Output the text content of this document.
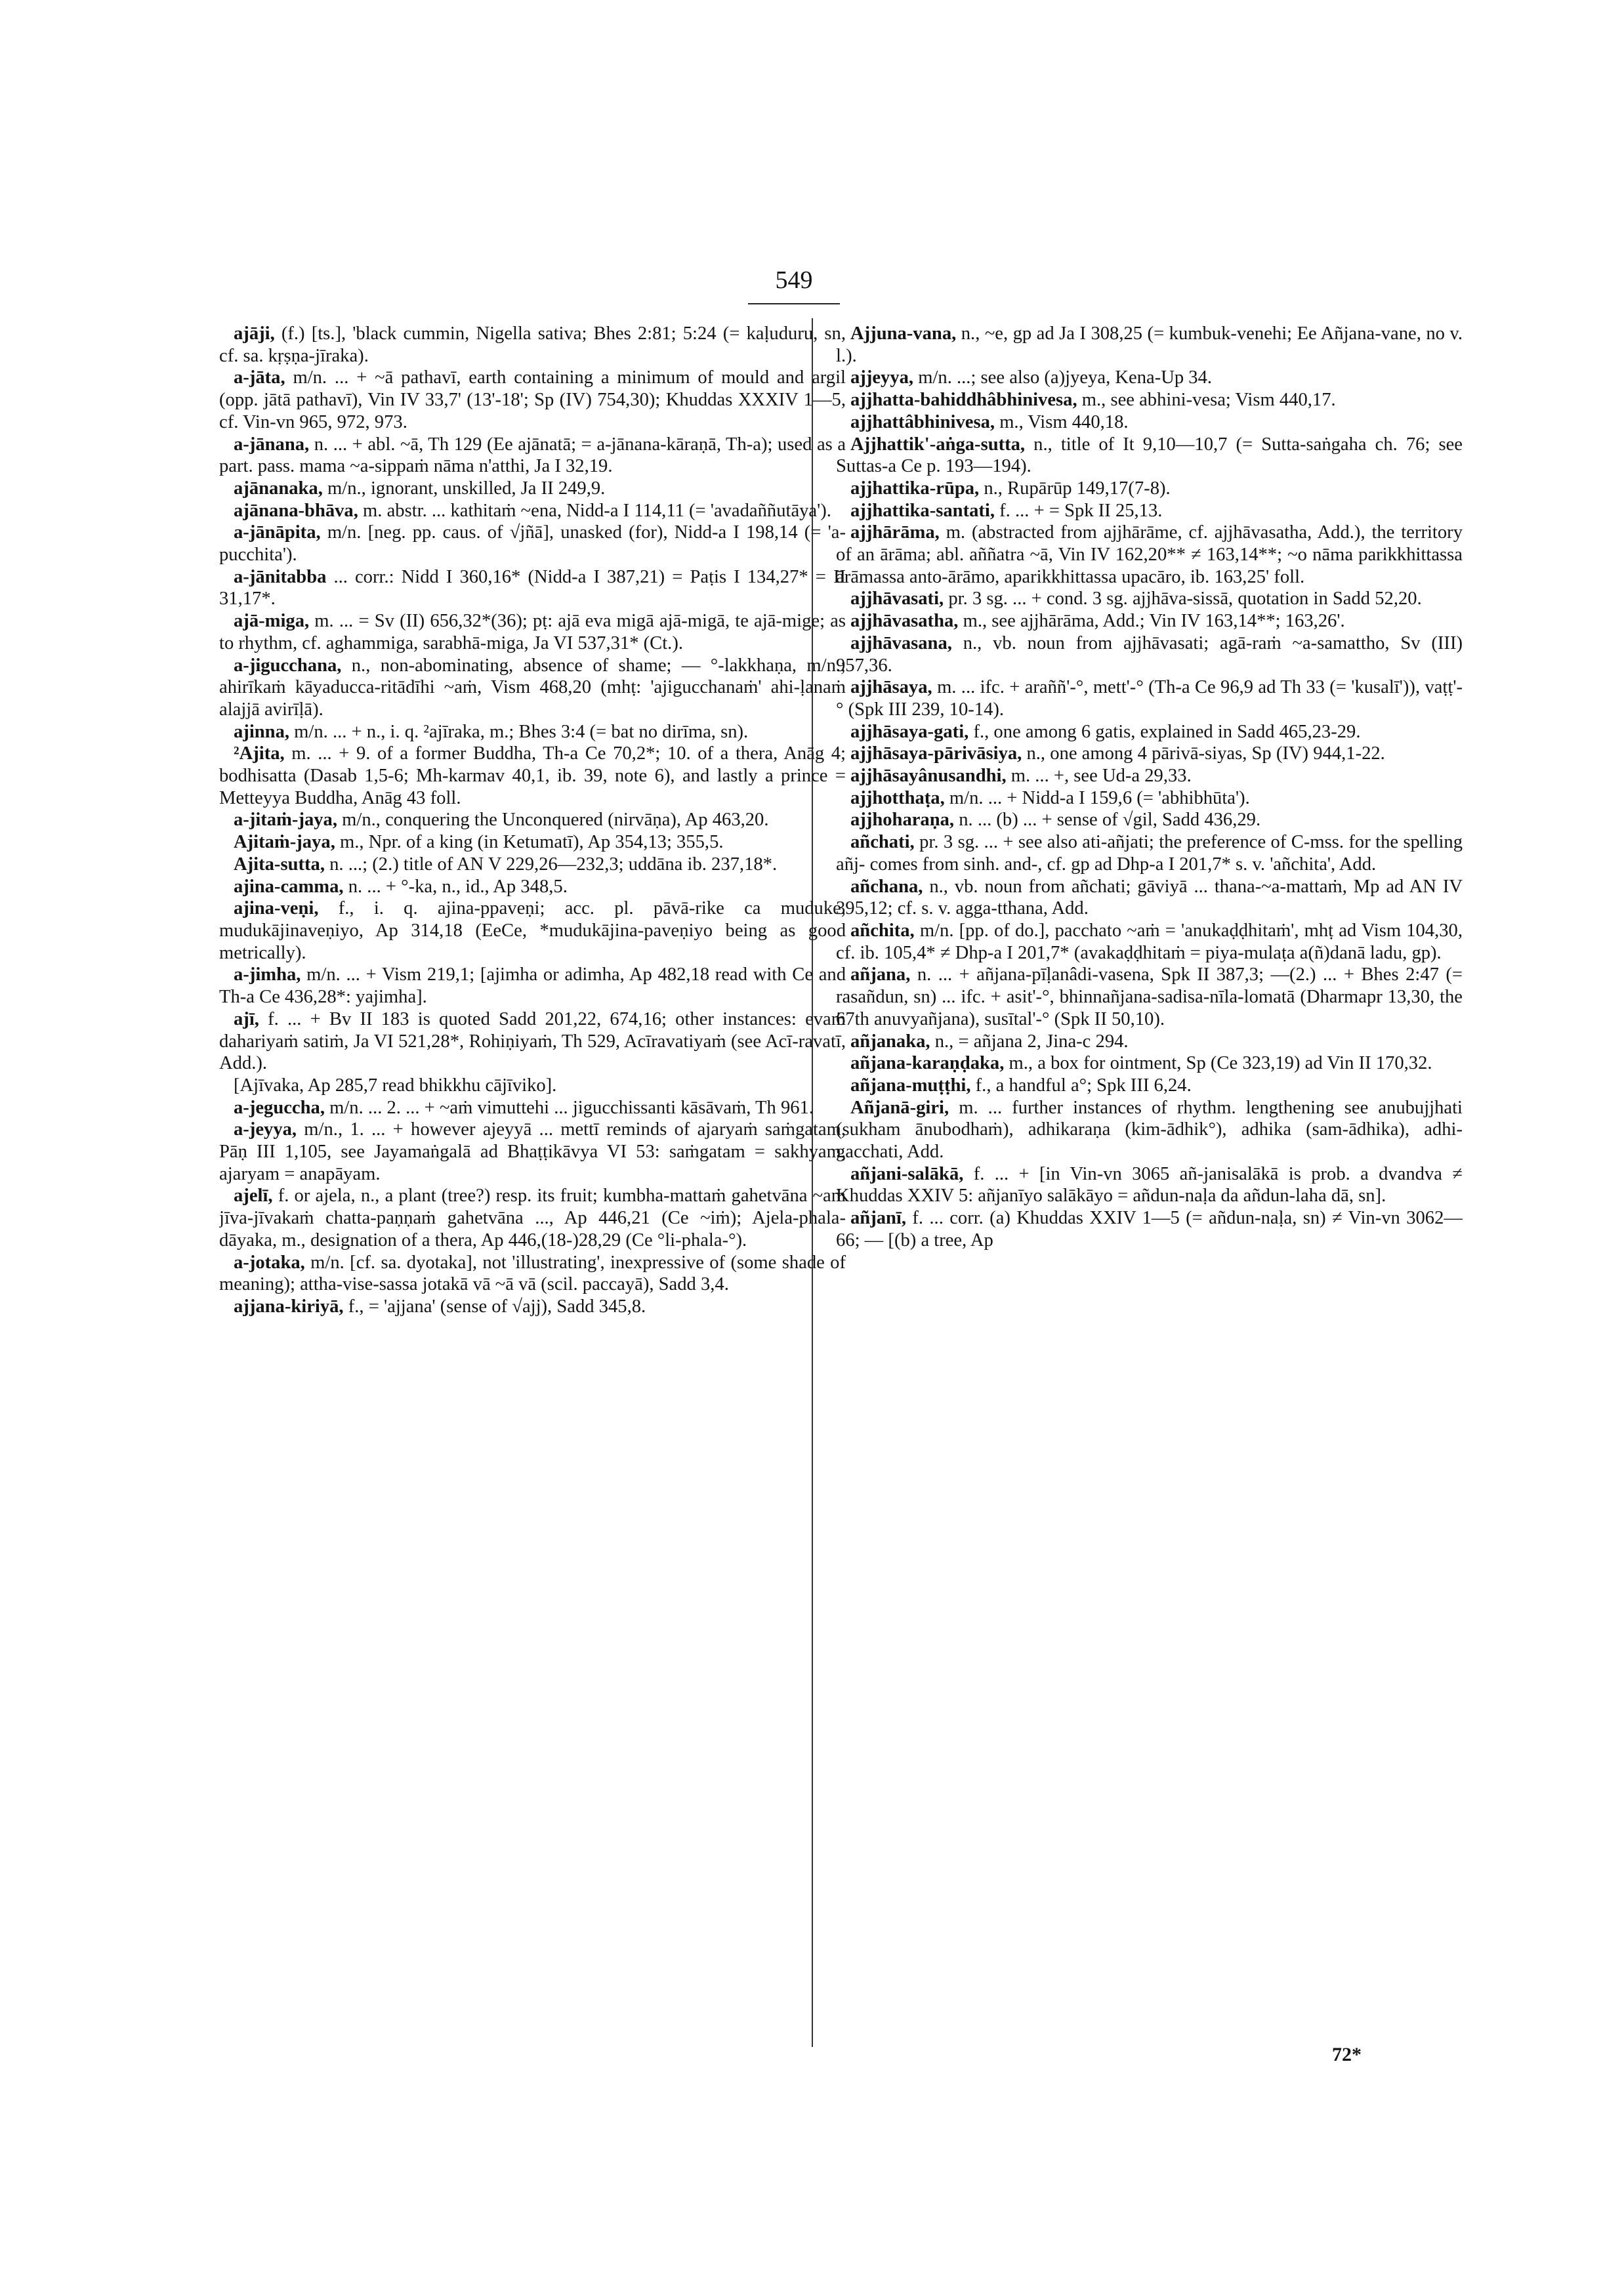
549

ajāji, (f.) [ts.], 'black cummin, Nigella sativa; Bhes 2:81; 5:24 (= kaḷuduru, sn, cf. sa. kṛṣṇa-jīraka).

a-jāta, m/n. ... + ~ā pathavī, earth containing a minimum of mould and argil (opp. jātā pathavī), Vin IV 33,7' (13'-18'; Sp (IV) 754,30); Khuddas XXXIV 1—5, cf. Vin-vn 965, 972, 973.

a-jānana, n. ... + abl. ~ā, Th 129 (Ee ajānatā; = a-jānana-kāraṇā, Th-a); used as a part. pass. mama ~a-sippaṁ nāma n'atthi, Ja I 32,19.

ajānanaka, m/n., ignorant, unskilled, Ja II 249,9.

ajānana-bhāva, m. abstr. ... kathitaṁ ~ena, Nidd-a I 114,11 (= 'avadaññutāya').

a-jānāpita, m/n. [neg. pp. caus. of √jñā], unasked (for), Nidd-a I 198,14 (= 'a-pucchita').

a-jānitabba ... corr.: Nidd I 360,16* (Nidd-a I 387,21) = Paṭis I 134,27* = II 31,17*.

ajā-miga, m. ... = Sv (II) 656,32*(36); pṭ: ajā eva migā ajā-migā, te ajā-mige; as to rhythm, cf. aghammiga, sarabhā-miga, Ja VI 537,31* (Ct.).

a-jigucchana, n., non-abominating, absence of shame; — °-lakkhaṇa, m/n.; ahirīkaṁ kāyaducca-ritādīhi ~aṁ, Vism 468,20 (mhṭ: 'ajigucchanaṁ' ahi-ḷanaṁ alajjā avirīḷā).

ajinna, m/n. ... + n., i. q. ²ajīraka, m.; Bhes 3:4 (= bat no dirīma, sn).

²Ajita, m. ... + 9. of a former Buddha, Th-a Ce 70,2*; 10. of a thera, Anāg 4; bodhisatta (Dasab 1,5-6; Mh-karmav 40,1, ib. 39, note 6), and lastly a prince = Metteyya Buddha, Anāg 43 foll.

a-jitaṁ-jaya, m/n., conquering the Unconquered (nirvāṇa), Ap 463,20.

Ajitaṁ-jaya, m., Npr. of a king (in Ketumatī), Ap 354,13; 355,5.

Ajita-sutta, n. ...; (2.) title of AN V 229,26—232,3; uddāna ib. 237,18*.

ajina-camma, n. ... + °-ka, n., id., Ap 348,5.

ajina-veṇi, f., i. q. ajina-ppaveṇi; acc. pl. pāvā-rike ca muduke, mudukājinaveṇiyo, Ap 314,18 (EeCe, *mudukājina-paveṇiyo being as good metrically).

a-jimha, m/n. ... + Vism 219,1; [ajimha or adimha, Ap 482,18 read with Ce and Th-a Ce 436,28*: yajimha].

ajī, f. ... + Bv II 183 is quoted Sadd 201,22, 674,16; other instances: evaṁ dahariyaṁ satiṁ, Ja VI 521,28*, Rohiṇiyaṁ, Th 529, Acīravatiyaṁ (see Acī-ravatī, Add.).

[Ajīvaka, Ap 285,7 read bhikkhu cājīviko].

a-jeguccha, m/n. ... 2. ... + ~aṁ vimuttehi ... jigucchissanti kāsāvaṁ, Th 961.

a-jeyya, m/n., 1. ... + however ajeyyā ... mettī reminds of ajaryaṁ saṁgatam, Pāṇ III 1,105, see Jayamaṅgalā ad Bhaṭṭikāvya VI 53: saṁgatam = sakhyam, ajaryam = anapāyam.

ajelī, f. or ajela, n., a plant (tree?) resp. its fruit; kumbha-mattaṁ gahetvāna ~aṁ jīva-jīvakaṁ chatta-paṇṇaṁ gahetvāna ..., Ap 446,21 (Ce ~iṁ); Ajela-phala-dāyaka, m., designation of a thera, Ap 446,(18-)28,29 (Ce °li-phala-°).

a-jotaka, m/n. [cf. sa. dyotaka], not 'illustrating', inexpressive of (some shade of meaning); attha-vise-sassa jotakā vā ~ā vā (scil. paccayā), Sadd 3,4.

ajjana-kiriyā, f., = 'ajjana' (sense of √ajj), Sadd 345,8.

Ajjuna-vana, n., ~e, gp ad Ja I 308,25 (= kumbuk-venehi; Ee Añjana-vane, no v. l.).

ajjeyya, m/n. ...; see also (a)jyeya, Kena-Up 34.

ajjhatta-bahiddhâbhinivesa, m., see abhini-vesa; Vism 440,17.

ajjhattâbhinivesa, m., Vism 440,18.

Ajjhattik'-aṅga-sutta, n., title of It 9,10—10,7 (= Sutta-saṅgaha ch. 76; see Suttas-a Ce p. 193—194).

ajjhattika-rūpa, n., Rupārūp 149,17(7-8).

ajjhattika-santati, f. ... + = Spk II 25,13.

ajjhārāma, m. (abstracted from ajjhārāme, cf. ajjhāvasatha, Add.), the territory of an ārāma; abl. aññatra ~ā, Vin IV 162,20** ≠ 163,14**; ~o nāma parikkhittassa ārāmassa anto-ārāmo, aparikkhittassa upacāro, ib. 163,25' foll.

ajjhāvasati, pr. 3 sg. ... + cond. 3 sg. ajjhāva-sissā, quotation in Sadd 52,20.

ajjhāvasatha, m., see ajjhārāma, Add.; Vin IV 163,14**; 163,26'.

ajjhāvasana, n., vb. noun from ajjhāvasati; agā-raṁ ~a-samattho, Sv (III) 957,36.

ajjhāsaya, m. ... ifc. + araññ'-°, mett'-° (Th-a Ce 96,9 ad Th 33 (= 'kusalī')), vaṭṭ'-° (Spk III 239, 10-14).

ajjhāsaya-gati, f., one among 6 gatis, explained in Sadd 465,23-29.

ajjhāsaya-pārivāsiya, n., one among 4 pārivā-siyas, Sp (IV) 944,1-22.

ajjhāsayânusandhi, m. ... +, see Ud-a 29,33.

ajjhotthaṭa, m/n. ... + Nidd-a I 159,6 (= 'abhibhūta').

ajjhoharaṇa, n. ... (b) ... + sense of √gil, Sadd 436,29.

añchati, pr. 3 sg. ... + see also ati-añjati; the preference of C-mss. for the spelling añj- comes from sinh. and-, cf. gp ad Dhp-a I 201,7* s. v. 'añchita', Add.

añchana, n., vb. noun from añchati; gāviyā ... thana-~a-mattaṁ, Mp ad AN IV 395,12; cf. s. v. agga-tthana, Add.

añchita, m/n. [pp. of do.], pacchato ~aṁ = 'anukaḍḍhitaṁ', mhṭ ad Vism 104,30, cf. ib. 105,4* ≠ Dhp-a I 201,7* (avakaḍḍhitaṁ = piya-mulaṭa a(ñ)danā ladu, gp).

añjana, n. ... + añjana-pīḷanâdi-vasena, Spk II 387,3; —(2.) ... + Bhes 2:47 (= rasañdun, sn) ... ifc. + asit'-°, bhinnañjana-sadisa-nīla-lomatā (Dharmapr 13,30, the 67th anuvyañjana), susītal'-° (Spk II 50,10).

añjanaka, n., = añjana 2, Jina-c 294.

añjana-karaṇḍaka, m., a box for ointment, Sp (Ce 323,19) ad Vin II 170,32.

añjana-muṭṭhi, f., a handful a°; Spk III 6,24.

Añjanā-giri, m. ... further instances of rhythm. lengthening see anubujjhati (sukham ānubodhaṁ), adhikaraṇa (kim-ādhik°), adhika (sam-ādhika), adhi-gacchati, Add.

añjani-salākā, f. ... + [in Vin-vn 3065 añ-janisalākā is prob. a dvandva ≠ Khuddas XXIV 5: añjanīyo salākāyo = añdun-naḷa da añdun-laha dā, sn].

añjanī, f. ... corr. (a) Khuddas XXIV 1—5 (= añdun-naḷa, sn) ≠ Vin-vn 3062—66; — [(b) a tree, Ap

72*
